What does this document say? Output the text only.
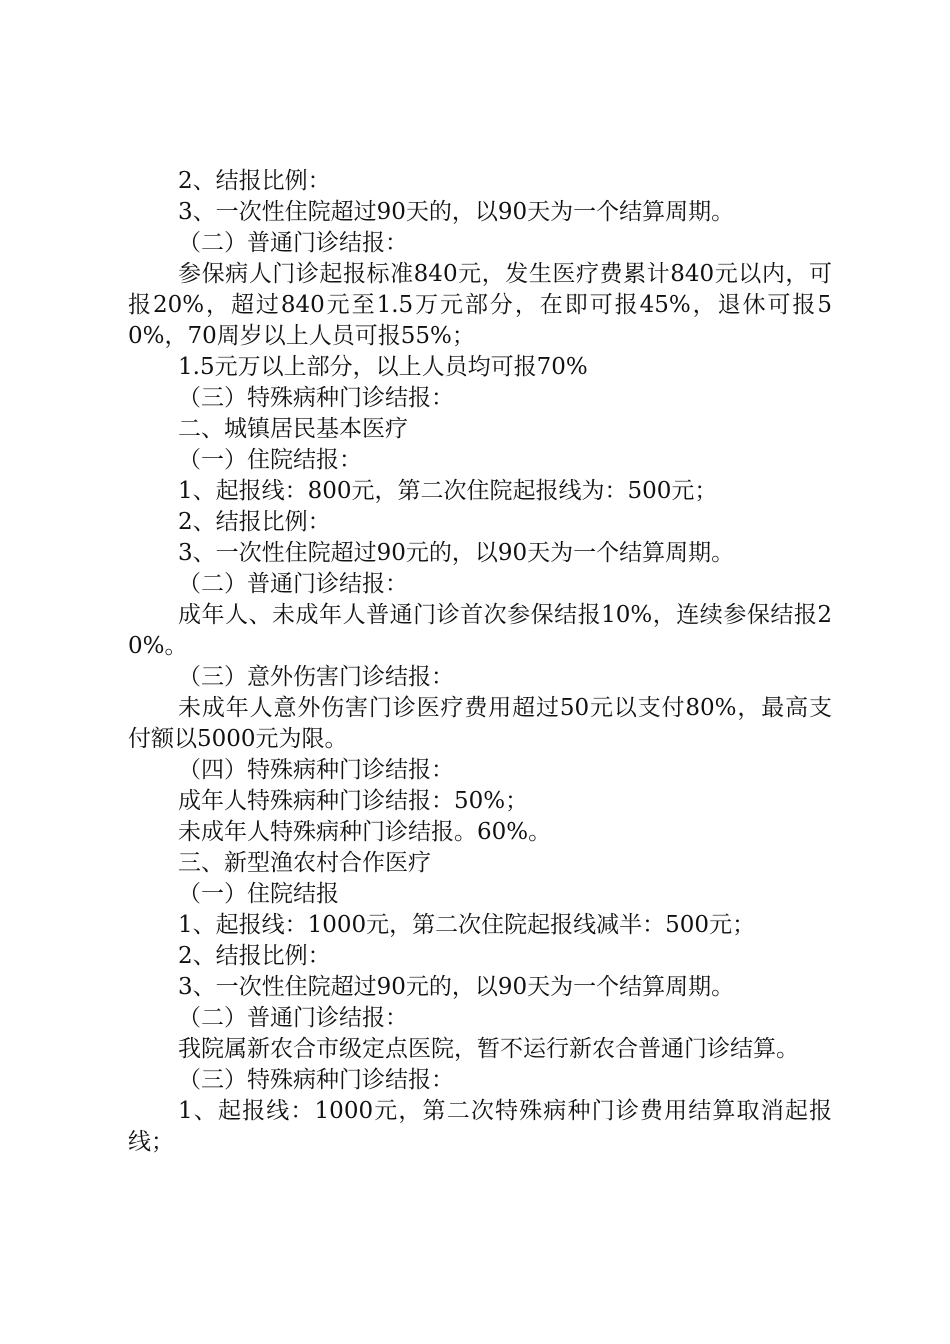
2、结报比例：

3、一次性住院超过90天的，以90天为一个结算周期。

（二）普通门诊结报：

参保病人门诊起报标准840元，发生医疗费累计840元以内，可报20%，超过840元至1.5万元部分，在即可报45%，退休可报50%，70周岁以上人员可报55%；

1.5元万以上部分，以上人员均可报70%

（三）特殊病种门诊结报：

二、城镇居民基本医疗

（一）住院结报：

1、起报线：800元，第二次住院起报线为：500元；

2、结报比例：

3、一次性住院超过90元的，以90天为一个结算周期。

（二）普通门诊结报：

成年人、未成年人普通门诊首次参保结报10%，连续参保结报20%。

（三）意外伤害门诊结报：

未成年人意外伤害门诊医疗费用超过50元以支付80%，最高支付额以5000元为限。

（四）特殊病种门诊结报：

成年人特殊病种门诊结报：50%；

未成年人特殊病种门诊结报。60%。

三、新型渔农村合作医疗

（一）住院结报

1、起报线：1000元，第二次住院起报线减半：500元；

2、结报比例：

3、一次性住院超过90元的，以90天为一个结算周期。

（二）普通门诊结报：

我院属新农合市级定点医院，暂不运行新农合普通门诊结算。

（三）特殊病种门诊结报：

1、起报线：1000元，第二次特殊病种门诊费用结算取消起报线；
